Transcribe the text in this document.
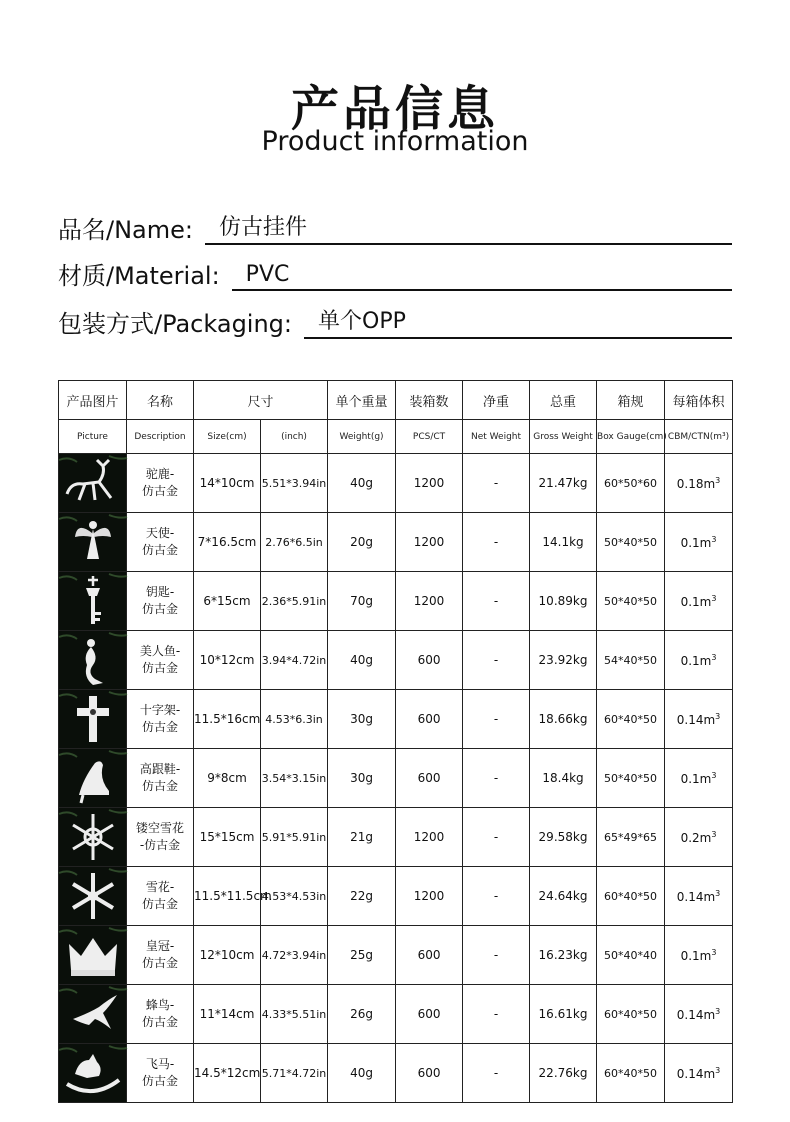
产品信息
Product information
品名/Name:	仿古挂件
材质/Material:	PVC
包装方式/Packaging:	单个OPP
产品图片	名称	尺寸		单个重量	装箱数	净重	总重	箱规	每箱体积
Picture	Description	Size(cm)	(inch)	Weight(g)	PCS/CT	Net Weight	Gross Weight	Box Gauge(cm)	CBM/CTN(m³)

驼鹿-
仿古金	14*10cm	5.51*3.94in	40g	1200	-	21.47kg	60*50*60	$0.18m^3$

天使-
仿古金	7*16.5cm	2.76*6.5in	20g	1200	-	14.1kg	50*40*50	$0.1m^3$

钥匙-
仿古金	6*15cm	2.36*5.91in	70g	1200	-	10.89kg	50*40*50	$0.1m^3$

美人鱼-
仿古金	10*12cm	3.94*4.72in	40g	600	-	23.92kg	54*40*50	$0.1m^3$

十字架-
仿古金	11.5*16cm	4.53*6.3in	30g	600	-	18.66kg	60*40*50	$0.14m^3$

高跟鞋-
仿古金	9*8cm	3.54*3.15in	30g	600	-	18.4kg	50*40*50	$0.1m^3$

镂空雪花
-仿古金	15*15cm	5.91*5.91in	21g	1200	-	29.58kg	65*49*65	$0.2m^3$

雪花-
仿古金	11.5*11.5cm	4.53*4.53in	22g	1200	-	24.64kg	60*40*50	$0.14m^3$

皇冠-
仿古金	12*10cm	4.72*3.94in	25g	600	-	16.23kg	50*40*40	$0.1m^3$

蜂鸟-
仿古金	11*14cm	4.33*5.51in	26g	600	-	16.61kg	60*40*50	$0.14m^3$

飞马-
仿古金	14.5*12cm	5.71*4.72in	40g	600	-	22.76kg	60*40*50	$0.14m^3$
